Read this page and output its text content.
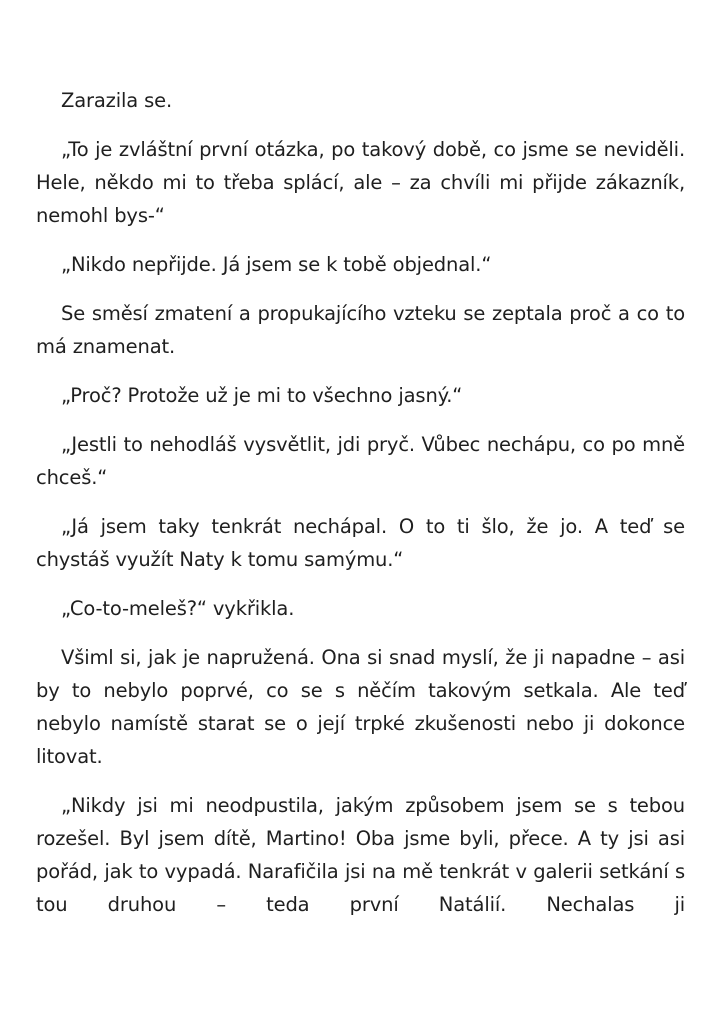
Zarazila se.

„To je zvláštní první otázka, po takový době, co jsme se neviděli. Hele, někdo mi to třeba splácí, ale – za chvíli mi přijde zákazník, nemohl bys-“

„Nikdo nepřijde. Já jsem se k tobě objednal.“

Se směsí zmatení a propukajícího vzteku se zeptala proč a co to má znamenat.

„Proč? Protože už je mi to všechno jasný.“

„Jestli to nehodláš vysvětlit, jdi pryč. Vůbec nechápu, co po mně chceš.“

„Já jsem taky tenkrát nechápal. O to ti šlo, že jo. A teď se chystáš využít Naty k tomu samýmu.“

„Co-to-meleš?“ vykřikla.

Všiml si, jak je napružená. Ona si snad myslí, že ji napadne – asi by to nebylo poprvé, co se s něčím takovým setkala. Ale teď nebylo namístě starat se o její trpké zkušenosti nebo ji dokonce litovat.

„Nikdy jsi mi neodpustila, jakým způsobem jsem se s tebou rozešel. Byl jsem dítě, Martino! Oba jsme byli, přece. A ty jsi asi pořád, jak to vypadá. Narafičila jsi na mě tenkrát v galerii setkání s tou druhou – teda první Natálií. Nechalas ji
